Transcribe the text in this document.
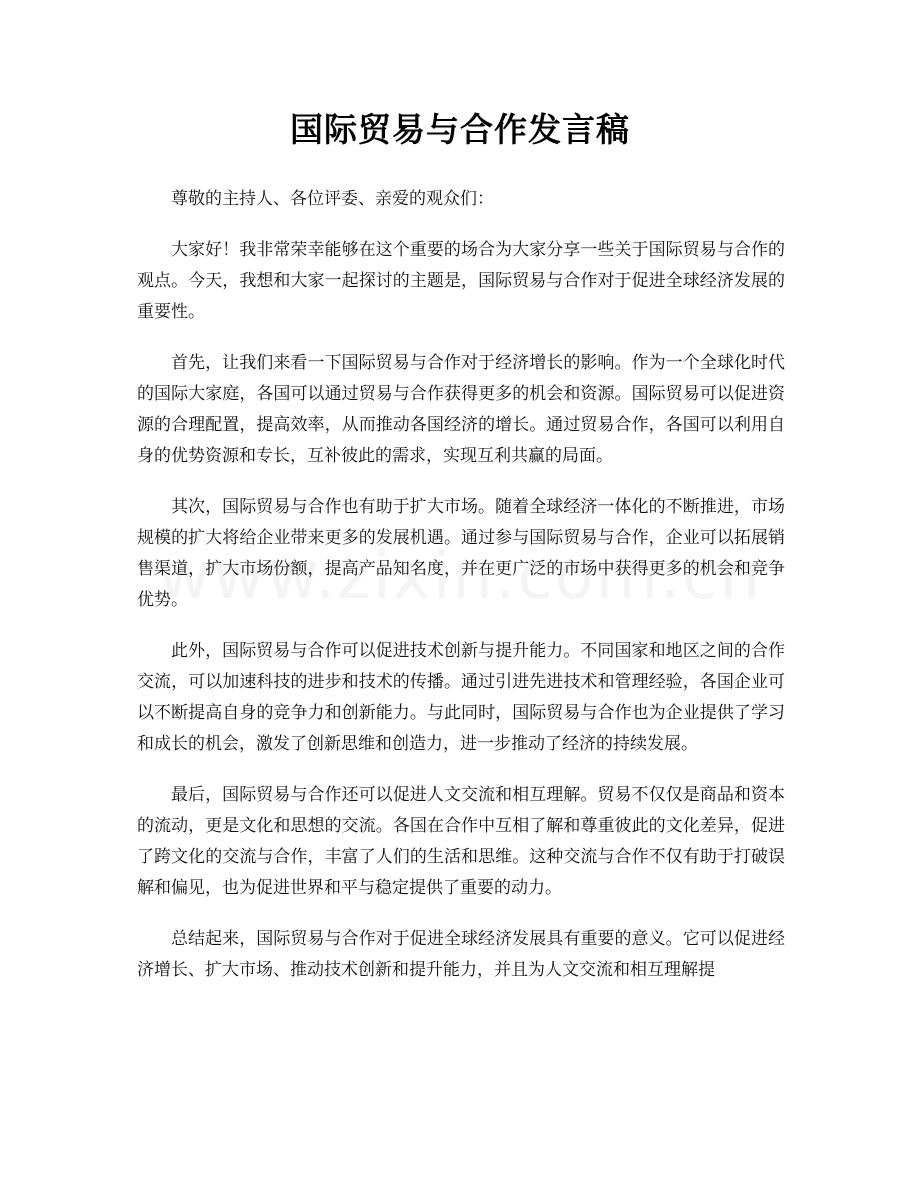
国际贸易与合作发言稿

尊敬的主持人、各位评委、亲爱的观众们：

大家好！我非常荣幸能够在这个重要的场合为大家分享一些关于国际贸易与合作的观点。今天，我想和大家一起探讨的主题是，国际贸易与合作对于促进全球经济发展的重要性。

首先，让我们来看一下国际贸易与合作对于经济增长的影响。作为一个全球化时代的国际大家庭，各国可以通过贸易与合作获得更多的机会和资源。国际贸易可以促进资源的合理配置，提高效率，从而推动各国经济的增长。通过贸易合作，各国可以利用自身的优势资源和专长，互补彼此的需求，实现互利共赢的局面。

其次，国际贸易与合作也有助于扩大市场。随着全球经济一体化的不断推进，市场规模的扩大将给企业带来更多的发展机遇。通过参与国际贸易与合作，企业可以拓展销售渠道，扩大市场份额，提高产品知名度，并在更广泛的市场中获得更多的机会和竞争优势。

此外，国际贸易与合作可以促进技术创新与提升能力。不同国家和地区之间的合作交流，可以加速科技的进步和技术的传播。通过引进先进技术和管理经验，各国企业可以不断提高自身的竞争力和创新能力。与此同时，国际贸易与合作也为企业提供了学习和成长的机会，激发了创新思维和创造力，进一步推动了经济的持续发展。

最后，国际贸易与合作还可以促进人文交流和相互理解。贸易不仅仅是商品和资本的流动，更是文化和思想的交流。各国在合作中互相了解和尊重彼此的文化差异，促进了跨文化的交流与合作，丰富了人们的生活和思维。这种交流与合作不仅有助于打破误解和偏见，也为促进世界和平与稳定提供了重要的动力。

总结起来，国际贸易与合作对于促进全球经济发展具有重要的意义。它可以促进经济增长、扩大市场、推动技术创新和提升能力，并且为人文交流和相互理解提
